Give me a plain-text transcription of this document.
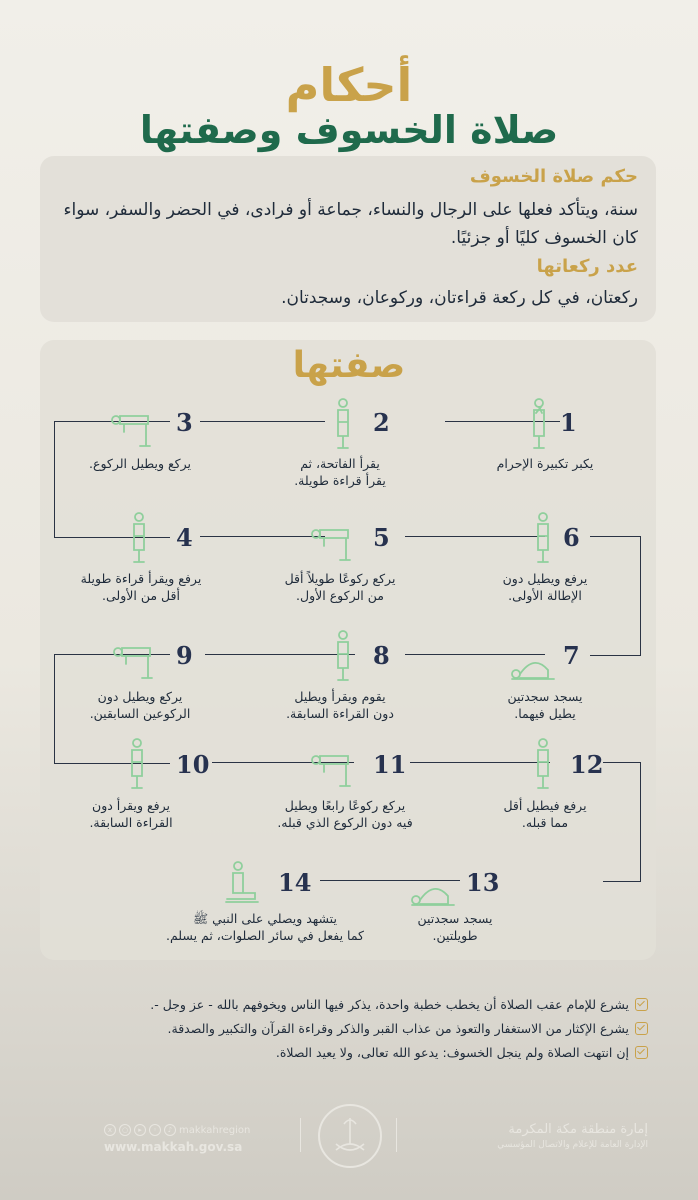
أحكام
صلاة الخسوف وصفتها
حكم صلاة الخسوف
سنة، ويتأكد فعلها على الرجال والنساء، جماعة أو فرادى، في الحضر والسفر، سواء كان الخسوف كليًا أو جزئيًا.
عدد ركعاتها
ركعتان، في كل ركعة قراءتان، وركوعان، وسجدتان.
صفتها
1
يكبر تكبيرة الإحرام
2
يقرأ الفاتحة، ثم
يقرأ قراءة طويلة.
3
يركع ويطيل الركوع.
4
يرفع ويقرأ قراءة طويلة
أقل من الأولى.
5
يركع ركوعًا طويلاً أقل
من الركوع الأول.
6
يرفع ويطيل دون
الإطالة الأولى.
7
يسجد سجدتين
يطيل فيهما.
8
يقوم ويقرأ ويطيل
دون القراءة السابقة.
9
يركع ويطيل دون
الركوعين السابقين.
10
يرفع ويقرأ دون
القراءة السابقة.
11
يركع ركوعًا رابعًا ويطيل
فيه دون الركوع الذي قبله.
12
يرفع فيطيل أقل
مما قبله.
13
يسجد سجدتين
طويلتين.
14
يتشهد ويصلي على النبي ﷺ
كما يفعل في سائر الصلوات، ثم يسلم.
يشرع للإمام عقب الصلاة أن يخطب خطبة واحدة، يذكر فيها الناس ويخوفهم بالله - عز وجل -.
يشرع الإكثار من الاستغفار والتعوذ من عذاب القبر والذكر وقراءة القرآن والتكبير والصدقة.
إن انتهت الصلاة ولم ينجل الخسوف: يدعو الله تعالى، ولا يعيد الصلاة.
إمارة منطقة مكة المكرمة
الإدارة العامة للإعلام والاتصال المؤسسي
x	○	▸	◦	♪ makkahregion
www.makkah.gov.sa
